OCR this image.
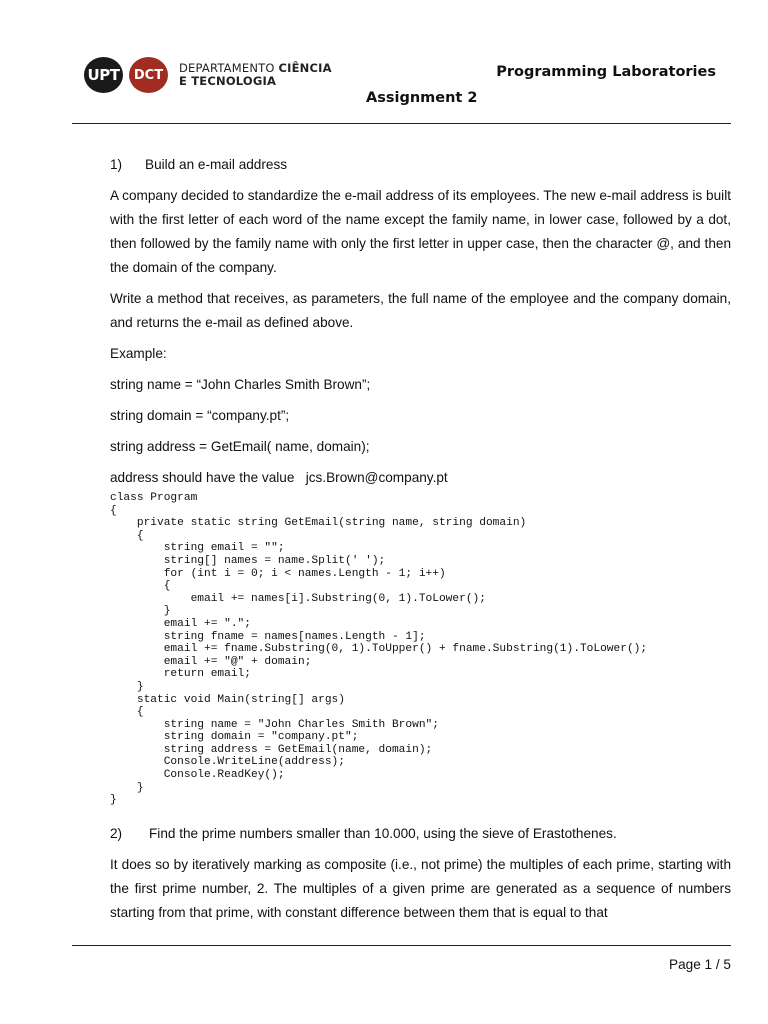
UPT	DCT	DEPARTAMENTO CIÊNCIA
E TECNOLOGIA
Programming Laboratories
Assignment 2
1)	Build an e-mail address

A company decided to standardize the e-mail address of its employees. The new e-mail address is built with the first letter of each word of the name except the family name, in lower case, followed by a dot, then followed by the family name with only the first letter in upper case, then the character @, and then the domain of the company.

Write a method that receives, as parameters, the full name of the employee and the company domain, and returns the e-mail as defined above.

Example:

string name = “John Charles Smith Brown”;

string domain = “company.pt”;

string address = GetEmail( name, domain);

address should have the value   jcs.Brown@company.pt

class Program
{
private static string GetEmail(string name, string domain)
{
string email = "";
string[] names = name.Split(' ');
for (int i = 0; i < names.Length - 1; i++)
{
email += names[i].Substring(0, 1).ToLower();
}
email += ".";
string fname = names[names.Length - 1];
email += fname.Substring(0, 1).ToUpper() + fname.Substring(1).ToLower();
email += "@" + domain;
return email;
}
static void Main(string[] args)
{
string name = "John Charles Smith Brown";
string domain = "company.pt";
string address = GetEmail(name, domain);
Console.WriteLine(address);
Console.ReadKey();
}
}
2)	Find the prime numbers smaller than 10.000, using the sieve of Erastothenes.

It does so by iteratively marking as composite (i.e., not prime) the multiples of each prime, starting with the first prime number, 2. The multiples of a given prime are generated as a sequence of numbers starting from that prime, with constant difference between them that is equal to that

Page 1 / 5
